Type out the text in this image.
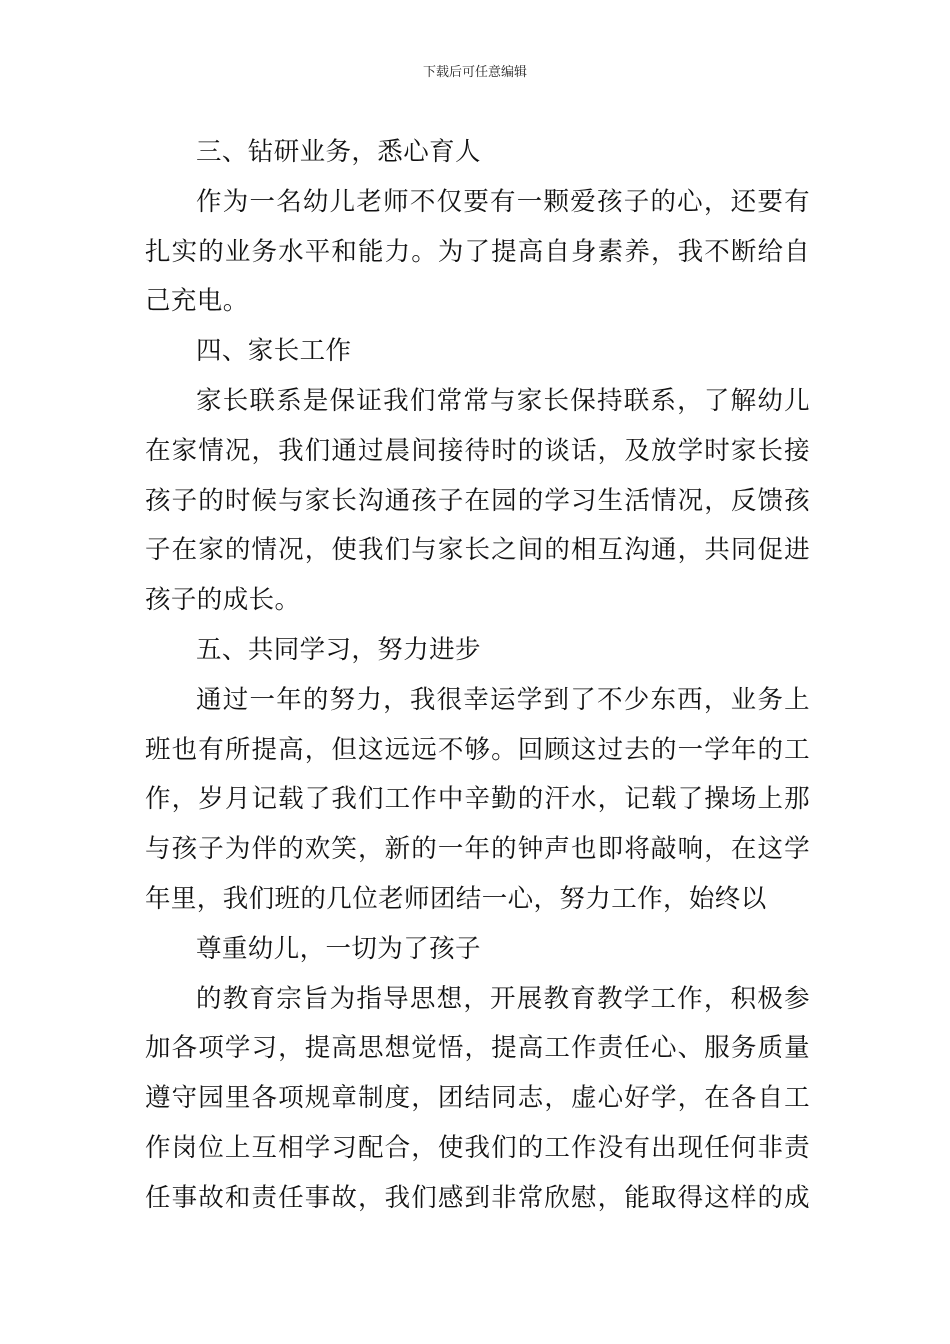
下载后可任意编辑

三、钻研业务，悉心育人

作为一名幼儿老师不仅要有一颗爱孩子的心，还要有扎实的业务水平和能力。为了提高自身素养，我不断给自己充电。

四、家长工作

家长联系是保证我们常常与家长保持联系，了解幼儿在家情况，我们通过晨间接待时的谈话，及放学时家长接孩子的时候与家长沟通孩子在园的学习生活情况，反馈孩子在家的情况，使我们与家长之间的相互沟通，共同促进孩子的成长。

五、共同学习，努力进步

通过一年的努力，我很幸运学到了不少东西，业务上班也有所提高，但这远远不够。回顾这过去的一学年的工作，岁月记载了我们工作中辛勤的汗水，记载了操场上那与孩子为伴的欢笑，新的一年的钟声也即将敲响，在这学年里，我们班的几位老师团结一心，努力工作，始终以

尊重幼儿，一切为了孩子

的教育宗旨为指导思想，开展教育教学工作，积极参加各项学习，提高思想觉悟，提高工作责任心、服务质量遵守园里各项规章制度，团结同志，虚心好学，在各自工作岗位上互相学习配合，使我们的工作没有出现任何非责任事故和责任事故，我们感到非常欣慰，能取得这样的成
